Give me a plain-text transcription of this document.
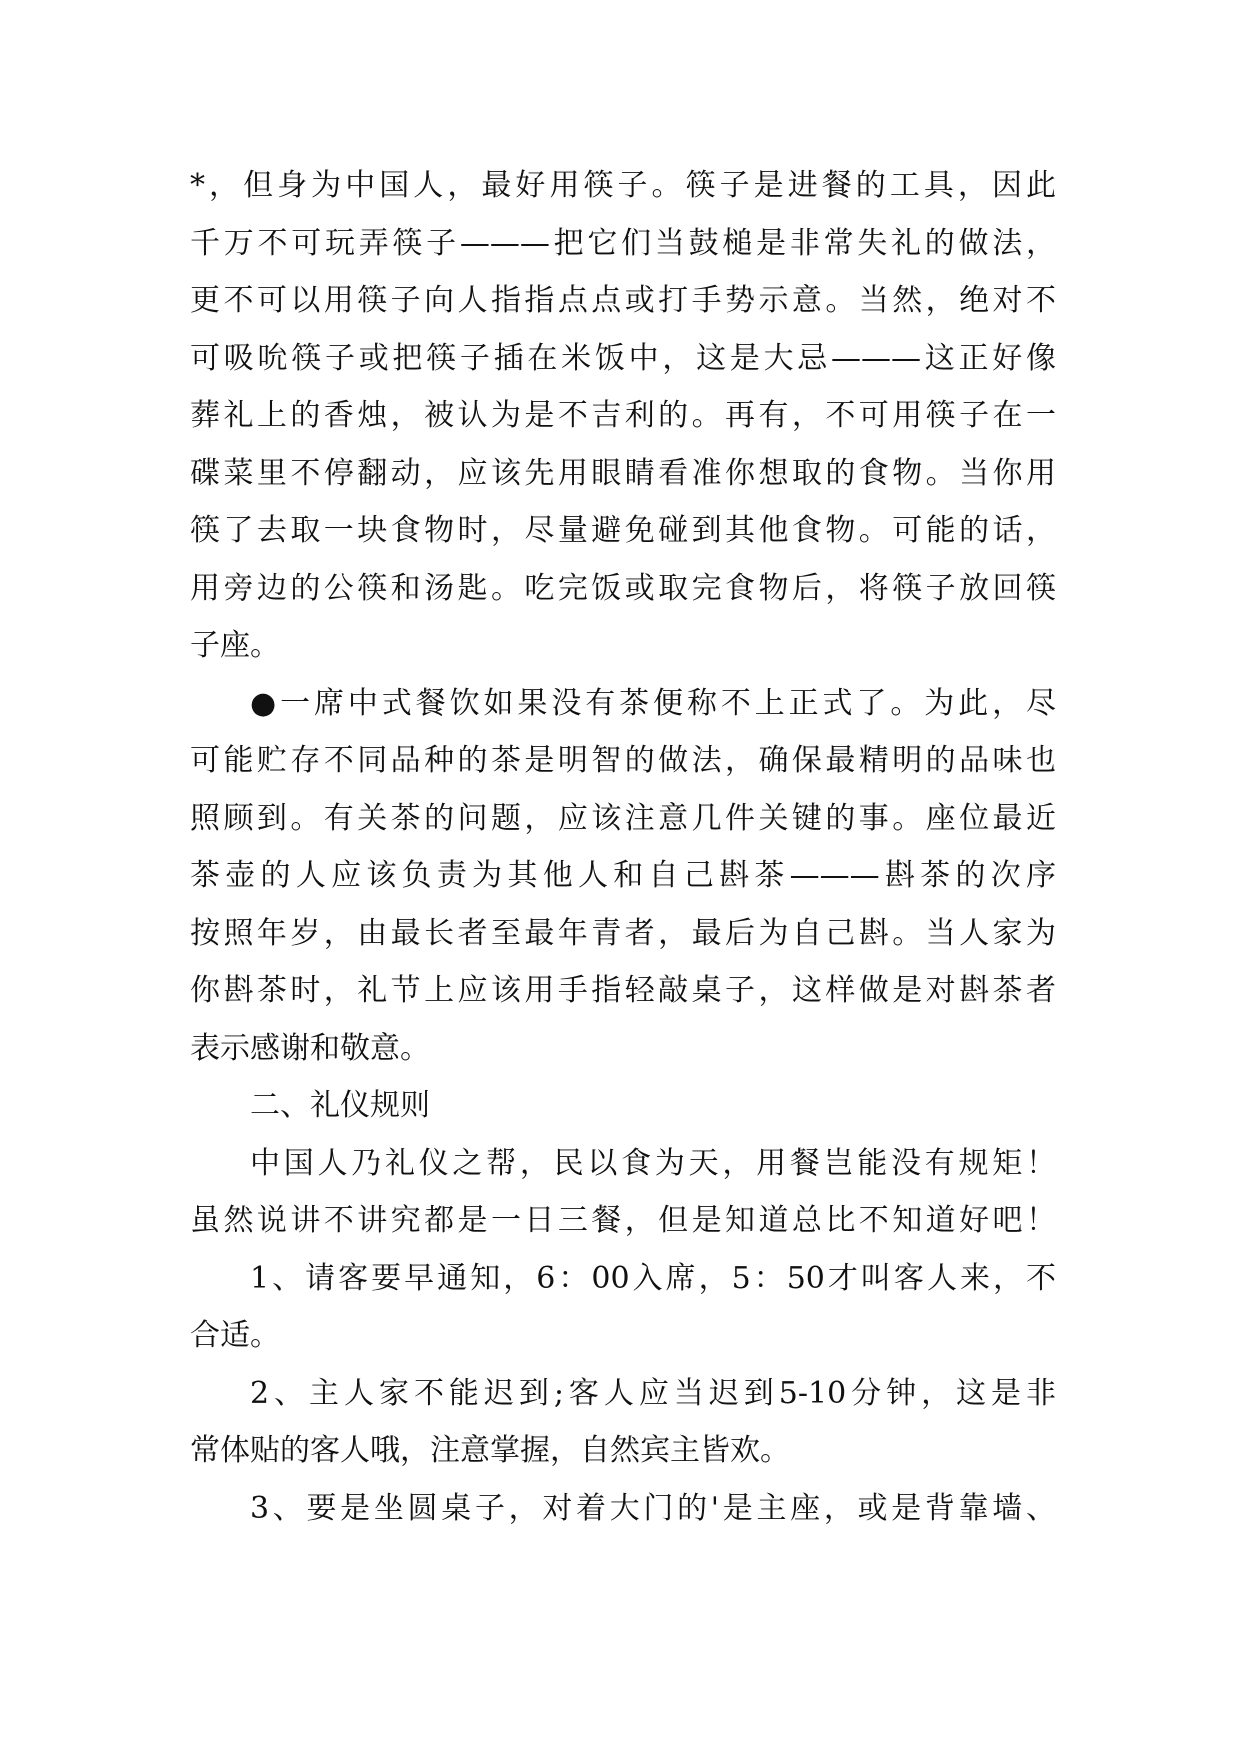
*，但身为中国人，最好用筷子。筷子是进餐的工具，因此
千万不可玩弄筷子———把它们当鼓槌是非常失礼的做法，
更不可以用筷子向人指指点点或打手势示意。当然，绝对不
可吸吮筷子或把筷子插在米饭中，这是大忌———这正好像
葬礼上的香烛，被认为是不吉利的。再有，不可用筷子在一
碟菜里不停翻动，应该先用眼睛看准你想取的食物。当你用
筷了去取一块食物时，尽量避免碰到其他食物。可能的话，
用旁边的公筷和汤匙。吃完饭或取完食物后，将筷子放回筷
子座。
●一席中式餐饮如果没有茶便称不上正式了。为此，尽
可能贮存不同品种的茶是明智的做法，确保最精明的品味也
照顾到。有关茶的问题，应该注意几件关键的事。座位最近
茶壶的人应该负责为其他人和自己斟茶———斟茶的次序
按照年岁，由最长者至最年青者，最后为自己斟。当人家为
你斟茶时，礼节上应该用手指轻敲桌子，这样做是对斟茶者
表示感谢和敬意。
二、礼仪规则
中国人乃礼仪之帮，民以食为天，用餐岂能没有规矩！
虽然说讲不讲究都是一日三餐，但是知道总比不知道好吧！
1、请客要早通知，6：00入席，5：50才叫客人来，不
合适。
2、主人家不能迟到;客人应当迟到5-10分钟，这是非
常体贴的客人哦，注意掌握，自然宾主皆欢。
3、要是坐圆桌子，对着大门的'是主座，或是背靠墙、
